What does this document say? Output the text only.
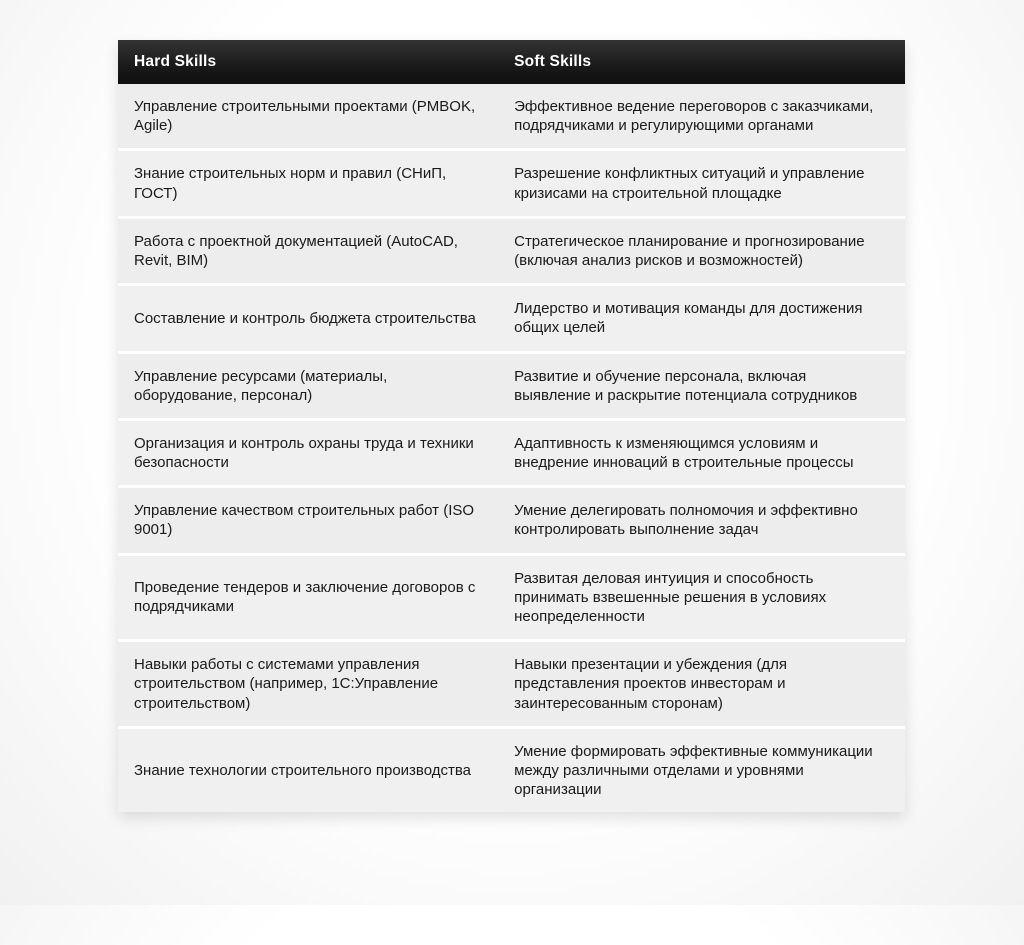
Hard Skills	Soft Skills
Управление строительными проектами (PMBOK, Agile)
Эффективное ведение переговоров с заказчиками, подрядчиками и регулирующими органами
Знание строительных норм и правил (СНиП, ГОСТ)
Разрешение конфликтных ситуаций и управление кризисами на строительной площадке
Работа с проектной документацией (AutoCAD, Revit, BIM)
Стратегическое планирование и прогнозирование (включая анализ рисков и возможностей)
Составление и контроль бюджета строительства
Лидерство и мотивация команды для достижения общих целей
Управление ресурсами (материалы, оборудование, персонал)
Развитие и обучение персонала, включая выявление и раскрытие потенциала сотрудников
Организация и контроль охраны труда и техники безопасности
Адаптивность к изменяющимся условиям и внедрение инноваций в строительные процессы
Управление качеством строительных работ (ISO 9001)
Умение делегировать полномочия и эффективно контролировать выполнение задач
Проведение тендеров и заключение договоров с подрядчиками
Развитая деловая интуиция и способность принимать взвешенные решения в условиях неопределенности
Навыки работы с системами управления строительством (например, 1С:Управление строительством)
Навыки презентации и убеждения (для представления проектов инвесторам и заинтересованным сторонам)
Знание технологии строительного производства
Умение формировать эффективные коммуникации между различными отделами и уровнями организации
